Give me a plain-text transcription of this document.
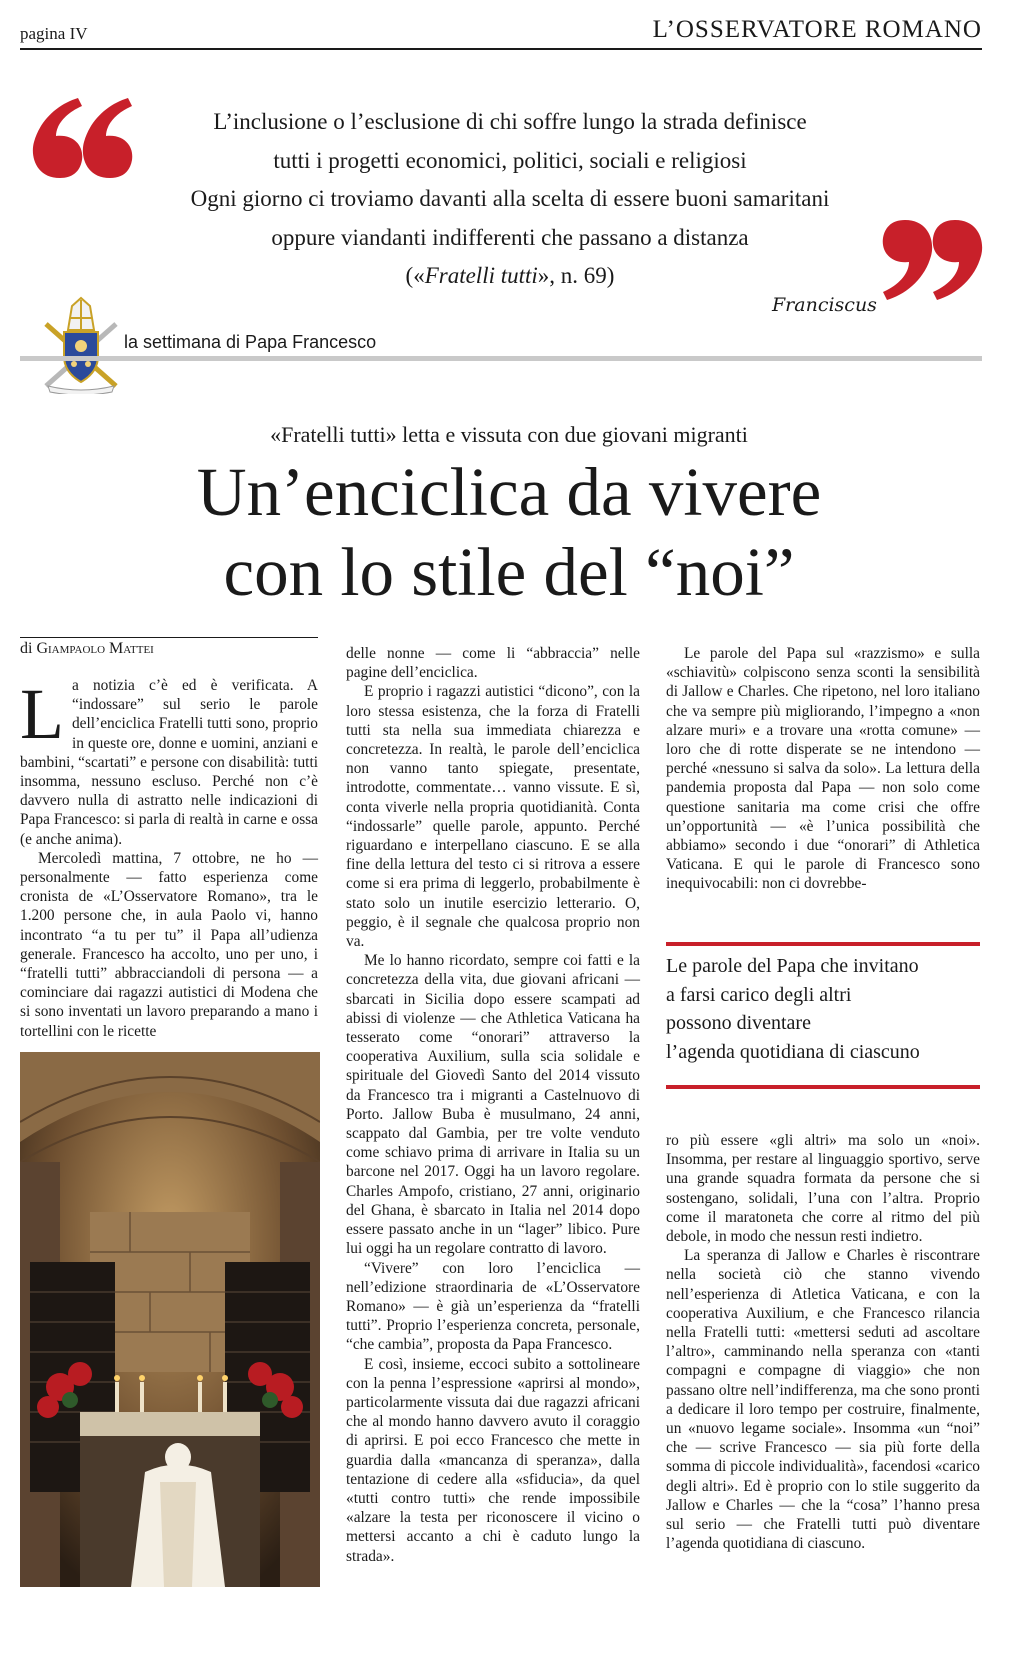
pagina IV	L’OSSERVATORE ROMANO
L’inclusione o l’esclusione di chi soffre lungo la strada definisce
tutti i progetti economici, politici, sociali e religiosi
Ogni giorno ci troviamo davanti alla scelta di essere buoni samaritani
oppure viandanti indifferenti che passano a distanza
(«Fratelli tutti», n. 69)
Franciscus
la settimana di Papa Francesco
«Fratelli tutti» letta e vissuta con due giovani migranti
Un’enciclica da vivere
con lo stile del “noi”
di Giampaolo Mattei

La notizia c’è ed è verificata. A “indossare” sul serio le parole dell’enciclica Fratelli tutti sono, proprio in queste ore, donne e uomini, anziani e bambini, “scartati” e persone con disabilità: tutti insomma, nessuno escluso. Perché non c’è davvero nulla di astratto nelle indicazioni di Papa Francesco: si parla di realtà in carne e ossa (e anche anima).

Mercoledì mattina, 7 ottobre, ne ho — personalmente — fatto esperienza come cronista de «L’Osservatore Romano», tra le 1.200 persone che, in aula Paolo vi, hanno incontrato “a tu per tu” il Papa all’udienza generale. Francesco ha accolto, uno per uno, i “fratelli tutti” abbracciandoli di persona — a cominciare dai ragazzi autistici di Modena che si sono inventati un lavoro preparando a mano i tortellini con le ricette

delle nonne — come li “abbraccia” nelle pagine dell’enciclica.

E proprio i ragazzi autistici “dicono”, con la loro stessa esistenza, che la forza di Fratelli tutti sta nella sua immediata chiarezza e concretezza. In realtà, le parole dell’enciclica non vanno tanto spiegate, presentate, introdotte, commentate… vanno vissute. E sì, conta viverle nella propria quotidianità. Conta “indossarle” quelle parole, appunto. Perché riguardano e interpellano ciascuno. E se alla fine della lettura del testo ci si ritrova a essere come si era prima di leggerlo, probabilmente è stato solo un inutile esercizio letterario. O, peggio, è il segnale che qualcosa proprio non va.

Me lo hanno ricordato, sempre coi fatti e la concretezza della vita, due giovani africani — sbarcati in Sicilia dopo essere scampati ad abissi di violenze — che Athletica Vaticana ha tesserato come “onorari” attraverso la cooperativa Auxilium, sulla scia solidale e spirituale del Giovedì Santo del 2014 vissuto da Francesco tra i migranti a Castelnuovo di Porto. Jallow Buba è musulmano, 24 anni, scappato dal Gambia, per tre volte venduto come schiavo prima di arrivare in Italia su un barcone nel 2017. Oggi ha un lavoro regolare. Charles Ampofo, cristiano, 27 anni, originario del Ghana, è sbarcato in Italia nel 2014 dopo essere passato anche in un “lager” libico. Pure lui oggi ha un regolare contratto di lavoro.

“Vivere” con loro l’enciclica — nell’edizione straordinaria de «L’Osservatore Romano» — è già un’esperienza da “fratelli tutti”. Proprio l’esperienza concreta, personale, “che cambia”, proposta da Papa Francesco.

E così, insieme, eccoci subito a sottolineare con la penna l’espressione «aprirsi al mondo», particolarmente vissuta dai due ragazzi africani che al mondo hanno davvero avuto il coraggio di aprirsi. E poi ecco Francesco che mette in guardia dalla «mancanza di speranza», dalla tentazione di cedere alla «sfiducia», da quel «tutti contro tutti» che rende impossibile «alzare la testa per riconoscere il vicino o mettersi accanto a chi è caduto lungo la strada».

Le parole del Papa sul «razzismo» e sulla «schiavitù» colpiscono senza sconti la sensibilità di Jallow e Charles. Che ripetono, nel loro italiano che va sempre più migliorando, l’impegno a «non alzare muri» e a trovare una «rotta comune» — loro che di rotte disperate se ne intendono — perché «nessuno si salva da solo». La lettura della pandemia proposta dal Papa — non solo come questione sanitaria ma come crisi che offre un’opportunità — «è l’unica possibilità che abbiamo» secondo i due “onorari” di Athletica Vaticana. E qui le parole di Francesco sono inequivocabili: non ci dovrebbe-

Le parole del Papa che invitano
a farsi carico degli altri
possono diventare
l’agenda quotidiana di ciascuno

ro più essere «gli altri» ma solo un «noi». Insomma, per restare al linguaggio sportivo, serve una grande squadra formata da persone che si sostengano, solidali, l’una con l’altra. Proprio come il maratoneta che corre al ritmo del più debole, in modo che nessun resti indietro.

La speranza di Jallow e Charles è riscontrare nella società ciò che stanno vivendo nell’esperienza di Atletica Vaticana, e con la cooperativa Auxilium, e che Francesco rilancia nella Fratelli tutti: «mettersi seduti ad ascoltare l’altro», camminando nella speranza con «tanti compagni e compagne di viaggio» che non passano oltre nell’indifferenza, ma che sono pronti a dedicare il loro tempo per costruire, finalmente, un «nuovo legame sociale». Insomma «un “noi” che — scrive Francesco — sia più forte della somma di piccole individualità», facendosi «carico degli altri». Ed è proprio con lo stile suggerito da Jallow e Charles — che la “cosa” l’hanno presa sul serio — che Fratelli tutti può diventare l’agenda quotidiana di ciascuno.
